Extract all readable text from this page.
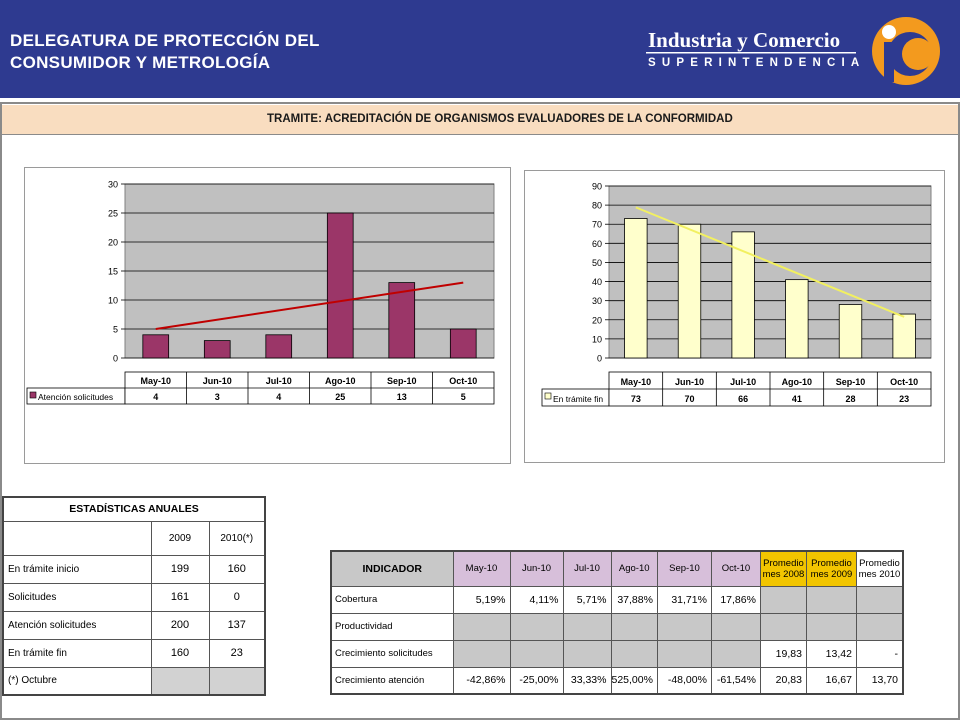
DELEGATURA DE PROTECCIÓN DEL
CONSUMIDOR Y METROLOGÍA
Industria y Comercio
SUPERINTENDENCIA
TRAMITE: ACREDITACIÓN DE ORGANISMOS EVALUADORES DE LA CONFORMIDAD
0
5
10
15
20
25
30
May-10
4
Jun-10
3
Jul-10
4
Ago-10
25
Sep-10
13
Oct-10
5
Atención solicitudes
0
10
20
30
40
50
60
70
80
90
May-10
73
Jun-10
70
Jul-10
66
Ago-10
41
Sep-10
28
Oct-10
23
En trámite fin
ESTADÍSTICAS ANUALES		
	2009	2010(*)
En trámite inicio	199	160
Solicitudes	161	0
Atención solicitudes	200	137
En trámite fin	160	23
(*) Octubre		
INDICADOR	May-10	Jun-10	Jul-10	Ago-10	Sep-10	Oct-10	Promedio mes 2008	Promedio mes 2009	Promedio mes 2010
Cobertura	5,19%	4,11%	5,71%	37,88%	31,71%	17,86%			
Productividad									
Crecimiento solicitudes							19,83	13,42	-
Crecimiento atención	-42,86%	-25,00%	33,33%	525,00%	-48,00%	-61,54%	20,83	16,67	13,70
